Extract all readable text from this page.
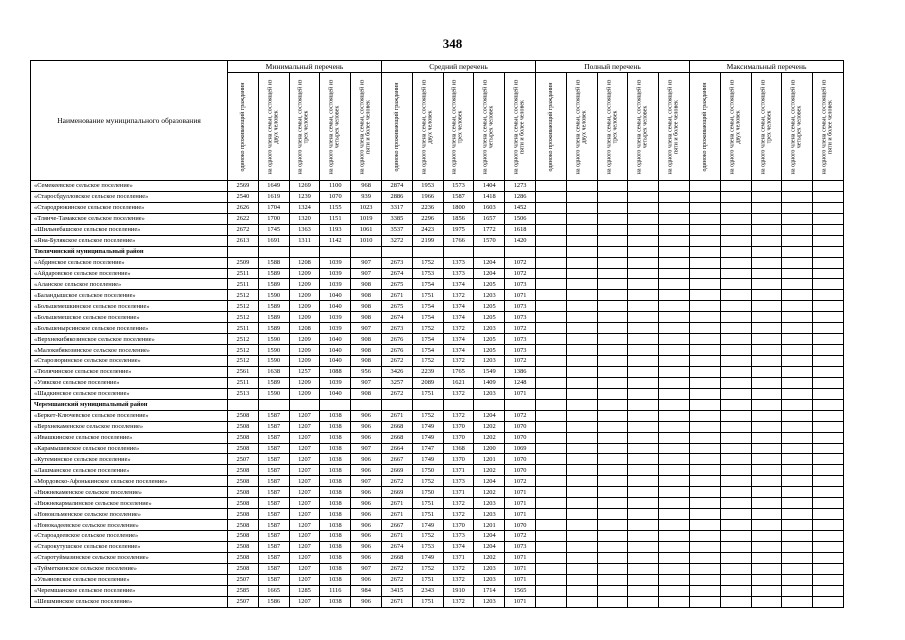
348
Наименование муниципального образования	Минимальный перечень					Средний перечень					Полный перечень					Максимальный перечень				

	одиноко проживающий гражданин	на одного члена семьи, состоящей из двух человек	на одного члена семьи, состоящей из трех человек	на одного члена семьи, состоящей из четырех человек	на одного члена семьи, состоящей из пяти и более человек	одиноко проживающий гражданин	на одного члена семьи, состоящей из двух человек	на одного члена семьи, состоящей из трех человек	на одного члена семьи, состоящей из четырех человек	на одного члена семьи, состоящей из пяти и более человек	одиноко проживающий гражданин	на одного члена семьи, состоящей из двух человек	на одного члена семьи, состоящей из трех человек	на одного члена семьи, состоящей из четырех человек	на одного члена семьи, состоящей из пяти и более человек	одиноко проживающий гражданин	на одного члена семьи, состоящей из двух человек	на одного члена семьи, состоящей из трех человек	на одного члена семьи, состоящей из четырех человек	на одного члена семьи, состоящей из пяти и более человек

«Семекеевское сельское поселение»	2569	1649	1269	1100	968	2874	1953	1573	1404	1273										
«Старосбдулловское сельское поселение»	2540	1619	1239	1070	939	2886	1966	1587	1418	1286										
«Стародрюкинское сельское поселение»	2626	1704	1324	1155	1023	3317	2236	1800	1603	1452										
«Тлянче-Тамакское сельское поселение»	2622	1700	1320	1151	1019	3385	2296	1856	1657	1506										
«Шильнебашское сельское поселение»	2672	1745	1363	1193	1061	3537	2423	1975	1772	1618										
«Яна-Булякское сельское поселение»	2613	1691	1311	1142	1010	3272	2199	1766	1570	1420										
Тюлячинский муниципальный район																				
«Абдинское сельское поселение»	2509	1588	1208	1039	907	2673	1752	1373	1204	1072										
«Айдаровское сельское поселение»	2511	1589	1209	1039	907	2674	1753	1373	1204	1072										
«Аланское сельское поселение»	2511	1589	1209	1039	908	2675	1754	1374	1205	1073										
«Баландышское сельское поселение»	2512	1590	1209	1040	908	2671	1751	1372	1203	1071										
«Большемешкинское сельское поселение»	2512	1589	1209	1040	908	2675	1754	1374	1205	1073										
«Большемешское сельское поселение»	2512	1589	1209	1039	908	2674	1754	1374	1205	1073										
«Большенырсинское сельское поселение»	2511	1589	1208	1039	907	2673	1752	1372	1203	1072										
«Верхнекибякозинское сельское поселение»	2512	1590	1209	1040	908	2676	1754	1374	1205	1073										
«Малокибякозинское сельское поселение»	2512	1590	1209	1040	908	2676	1754	1374	1205	1073										
«Старозюринское сельское поселение»	2512	1590	1209	1040	908	2672	1752	1372	1203	1072										
«Тюлячинское сельское поселение»	2561	1638	1257	1088	956	3426	2239	1765	1549	1386										
«Узякское сельское поселение»	2511	1589	1209	1039	907	3257	2089	1621	1409	1248										
«Шадкинское сельское поселение»	2513	1590	1209	1040	908	2672	1751	1372	1203	1071										
Черемшанский муниципальный район																				
«Беркет-Ключевское сельское поселение»	2508	1587	1207	1038	906	2671	1752	1372	1204	1072										
«Верхнекаменское сельское поселение»	2508	1587	1207	1038	906	2668	1749	1370	1202	1070										
«Ивашкинское сельское поселение»	2508	1587	1207	1038	906	2668	1749	1370	1202	1070										
«Карамышевское сельское поселение»	2508	1587	1207	1038	907	2664	1747	1368	1200	1069										
«Кутеминское сельское поселение»	2507	1587	1207	1038	906	2667	1749	1370	1201	1070										
«Лашманское сельское поселение»	2508	1587	1207	1038	906	2669	1750	1371	1202	1070										
«Мордовско-Афонькинское сельское поселение»	2508	1587	1207	1038	907	2672	1752	1373	1204	1072										
«Нижнекаменское сельское поселение»	2508	1587	1207	1038	906	2669	1750	1371	1202	1071										
«Нижнекармалинское сельское поселение»	2508	1587	1207	1038	906	2671	1751	1372	1203	1071										
«Новоильменское сельское поселение»	2508	1587	1207	1038	906	2671	1751	1372	1203	1071										
«Новокадеевское сельское поселение»	2508	1587	1207	1038	906	2667	1749	1370	1201	1070										
«Староадеевское сельское поселение»	2508	1587	1207	1038	906	2671	1752	1373	1204	1072										
«Старокутушское сельское поселение»	2508	1587	1207	1038	906	2674	1753	1374	1204	1073										
«Старотуймазинское сельское поселение»	2508	1587	1207	1038	906	2668	1749	1371	1202	1071										
«Туйметкинское сельское поселение»	2508	1587	1207	1038	907	2672	1752	1372	1203	1071										
«Ульяновское сельское поселение»	2507	1587	1207	1038	906	2672	1751	1372	1203	1071										
«Черемшанское сельское поселение»	2585	1665	1285	1116	984	3415	2343	1910	1714	1565										
«Шешминское сельское поселение»	2507	1586	1207	1038	906	2671	1751	1372	1203	1071										
